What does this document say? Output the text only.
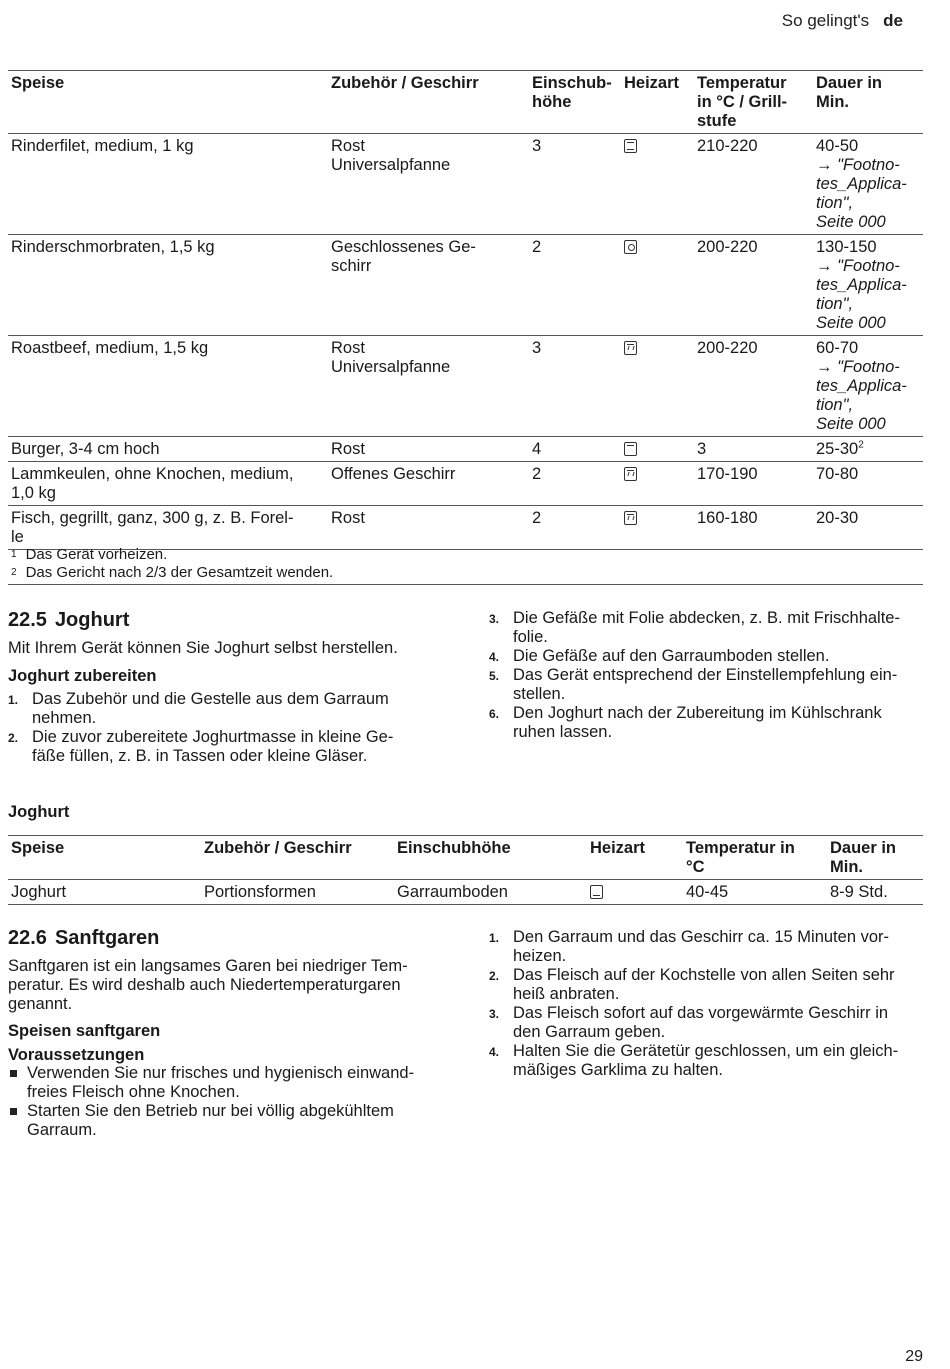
So gelingt's de
Speise	Zubehör / Geschirr	Einschub-
höhe	Heizart	Temperatur
in °C / Grill-
stufe	Dauer in
Min.
Rinderfilet, medium, 1 kg	Rost
Universalpfanne	3		210-220	40-50
→ "Footno-
tes_Applica-
tion",
Seite 000
Rinderschmorbraten, 1,5 kg	Geschlossenes Ge-
schirr	2		200-220	130-150
→ "Footno-
tes_Applica-
tion",
Seite 000
Roastbeef, medium, 1,5 kg	Rost
Universalpfanne	3		200-220	60-70
→ "Footno-
tes_Applica-
tion",
Seite 000
Burger, 3-4 cm hoch	Rost	4		3	$25-30^2$
Lammkeulen, ohne Knochen, medium,
1,0 kg	Offenes Geschirr	2		170-190	70-80
Fisch, gegrillt, ganz, 300 g, z. B. Forel-
le	Rost	2		160-180	20-30
$^1$ Das Gerät vorheizen.
$^2$ Das Gericht nach 2/3 der Gesamtzeit wenden.
22.5 Joghurt
Mit Ihrem Gerät können Sie Joghurt selbst herstellen.
Joghurt zubereiten
1. Das Zubehör und die Gestelle aus dem Garraum
nehmen.
2. Die zuvor zubereitete Joghurtmasse in kleine Ge-
fäße füllen, z. B. in Tassen oder kleine Gläser.
3. Die Gefäße mit Folie abdecken, z. B. mit Frischhalte-
folie.
4. Die Gefäße auf den Garraumboden stellen.
5. Das Gerät entsprechend der Einstellempfehlung ein-
stellen.
6. Den Joghurt nach der Zubereitung im Kühlschrank
ruhen lassen.
Joghurt
Speise	Zubehör / Geschirr	Einschubhöhe	Heizart	Temperatur in
°C	Dauer in
Min.
Joghurt	Portionsformen	Garraumboden		40-45	8-9 Std.
22.6 Sanftgaren
Sanftgaren ist ein langsames Garen bei niedriger Tem-
peratur. Es wird deshalb auch Niedertemperaturgaren
genannt.
Speisen sanftgaren
Voraussetzungen
Verwenden Sie nur frisches und hygienisch einwand-
freies Fleisch ohne Knochen.
Starten Sie den Betrieb nur bei völlig abgekühltem
Garraum.
1. Den Garraum und das Geschirr ca. 15 Minuten vor-
heizen.
2. Das Fleisch auf der Kochstelle von allen Seiten sehr
heiß anbraten.
3. Das Fleisch sofort auf das vorgewärmte Geschirr in
den Garraum geben.
4. Halten Sie die Gerätetür geschlossen, um ein gleich-
mäßiges Garklima zu halten.
29
